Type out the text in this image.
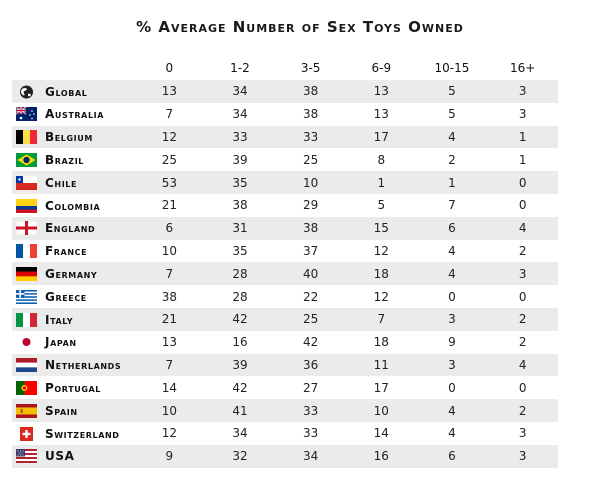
% Average Number of Sex Toys Owned
	0	1-2	3-5	6-9	10-15	16+
Global	13	34	38	13	5	3
Australia	7	34	38	13	5	3
Belgium	12	33	33	17	4	1
Brazil	25	39	25	8	2	1
Chile	53	35	10	1	1	0
Colombia	21	38	29	5	7	0
England	6	31	38	15	6	4
France	10	35	37	12	4	2
Germany	7	28	40	18	4	3
Greece	38	28	22	12	0	0
Italy	21	42	25	7	3	2
Japan	13	16	42	18	9	2
Netherlands	7	39	36	11	3	4
Portugal	14	42	27	17	0	0
Spain	10	41	33	10	4	2
Switzerland	12	34	33	14	4	3
USA	9	32	34	16	6	3
